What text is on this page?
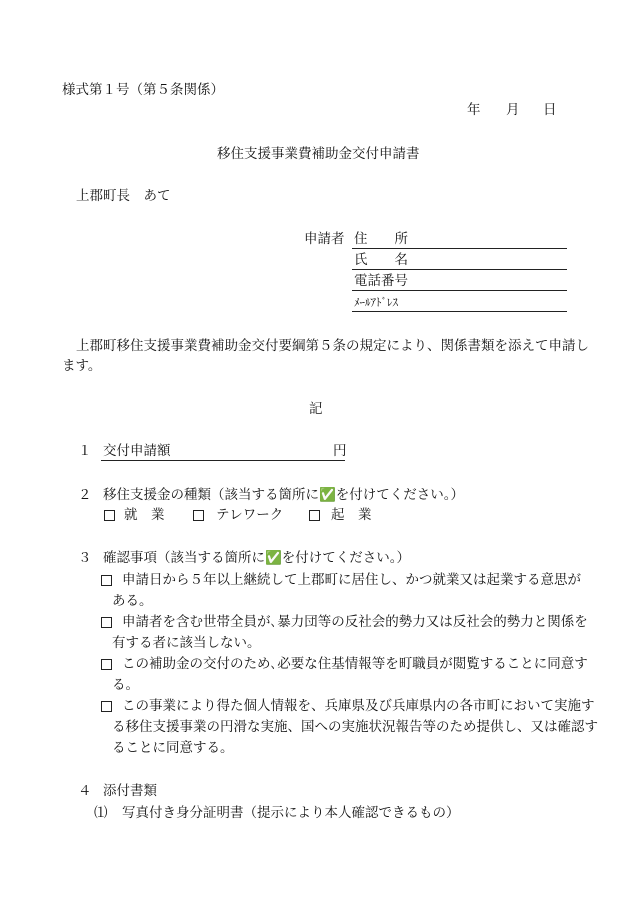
様式第１号（第５条関係）
年 月 日
移住支援事業費補助金交付申請書
上郡町長　あて
申請者 住　　所
氏　　名
電話番号
ﾒｰﾙｱﾄﾞﾚｽ
上郡町移住支援事業費補助金交付要綱第５条の規定により、関係書類を添えて申請し
ます。
記
１ 交付申請額	円
２ 移住支援金の種類（該当する箇所に✅を付けてください。）
就　業	テレワーク	起　業
３ 確認事項（該当する箇所に✅を付けてください。）
申請日から５年以上継続して上郡町に居住し、かつ就業又は起業する意思が
ある。
申請者を含む世帯全員が､暴力団等の反社会的勢力又は反社会的勢力と関係を
有する者に該当しない。
この補助金の交付のため､必要な住基情報等を町職員が閲覧することに同意す
る。
この事業により得た個人情報を、兵庫県及び兵庫県内の各市町において実施す
る移住支援事業の円滑な実施、国への実施状況報告等のため提供し、又は確認す
ることに同意する。
４ 添付書類
⑴ 写真付き身分証明書（提示により本人確認できるもの）
